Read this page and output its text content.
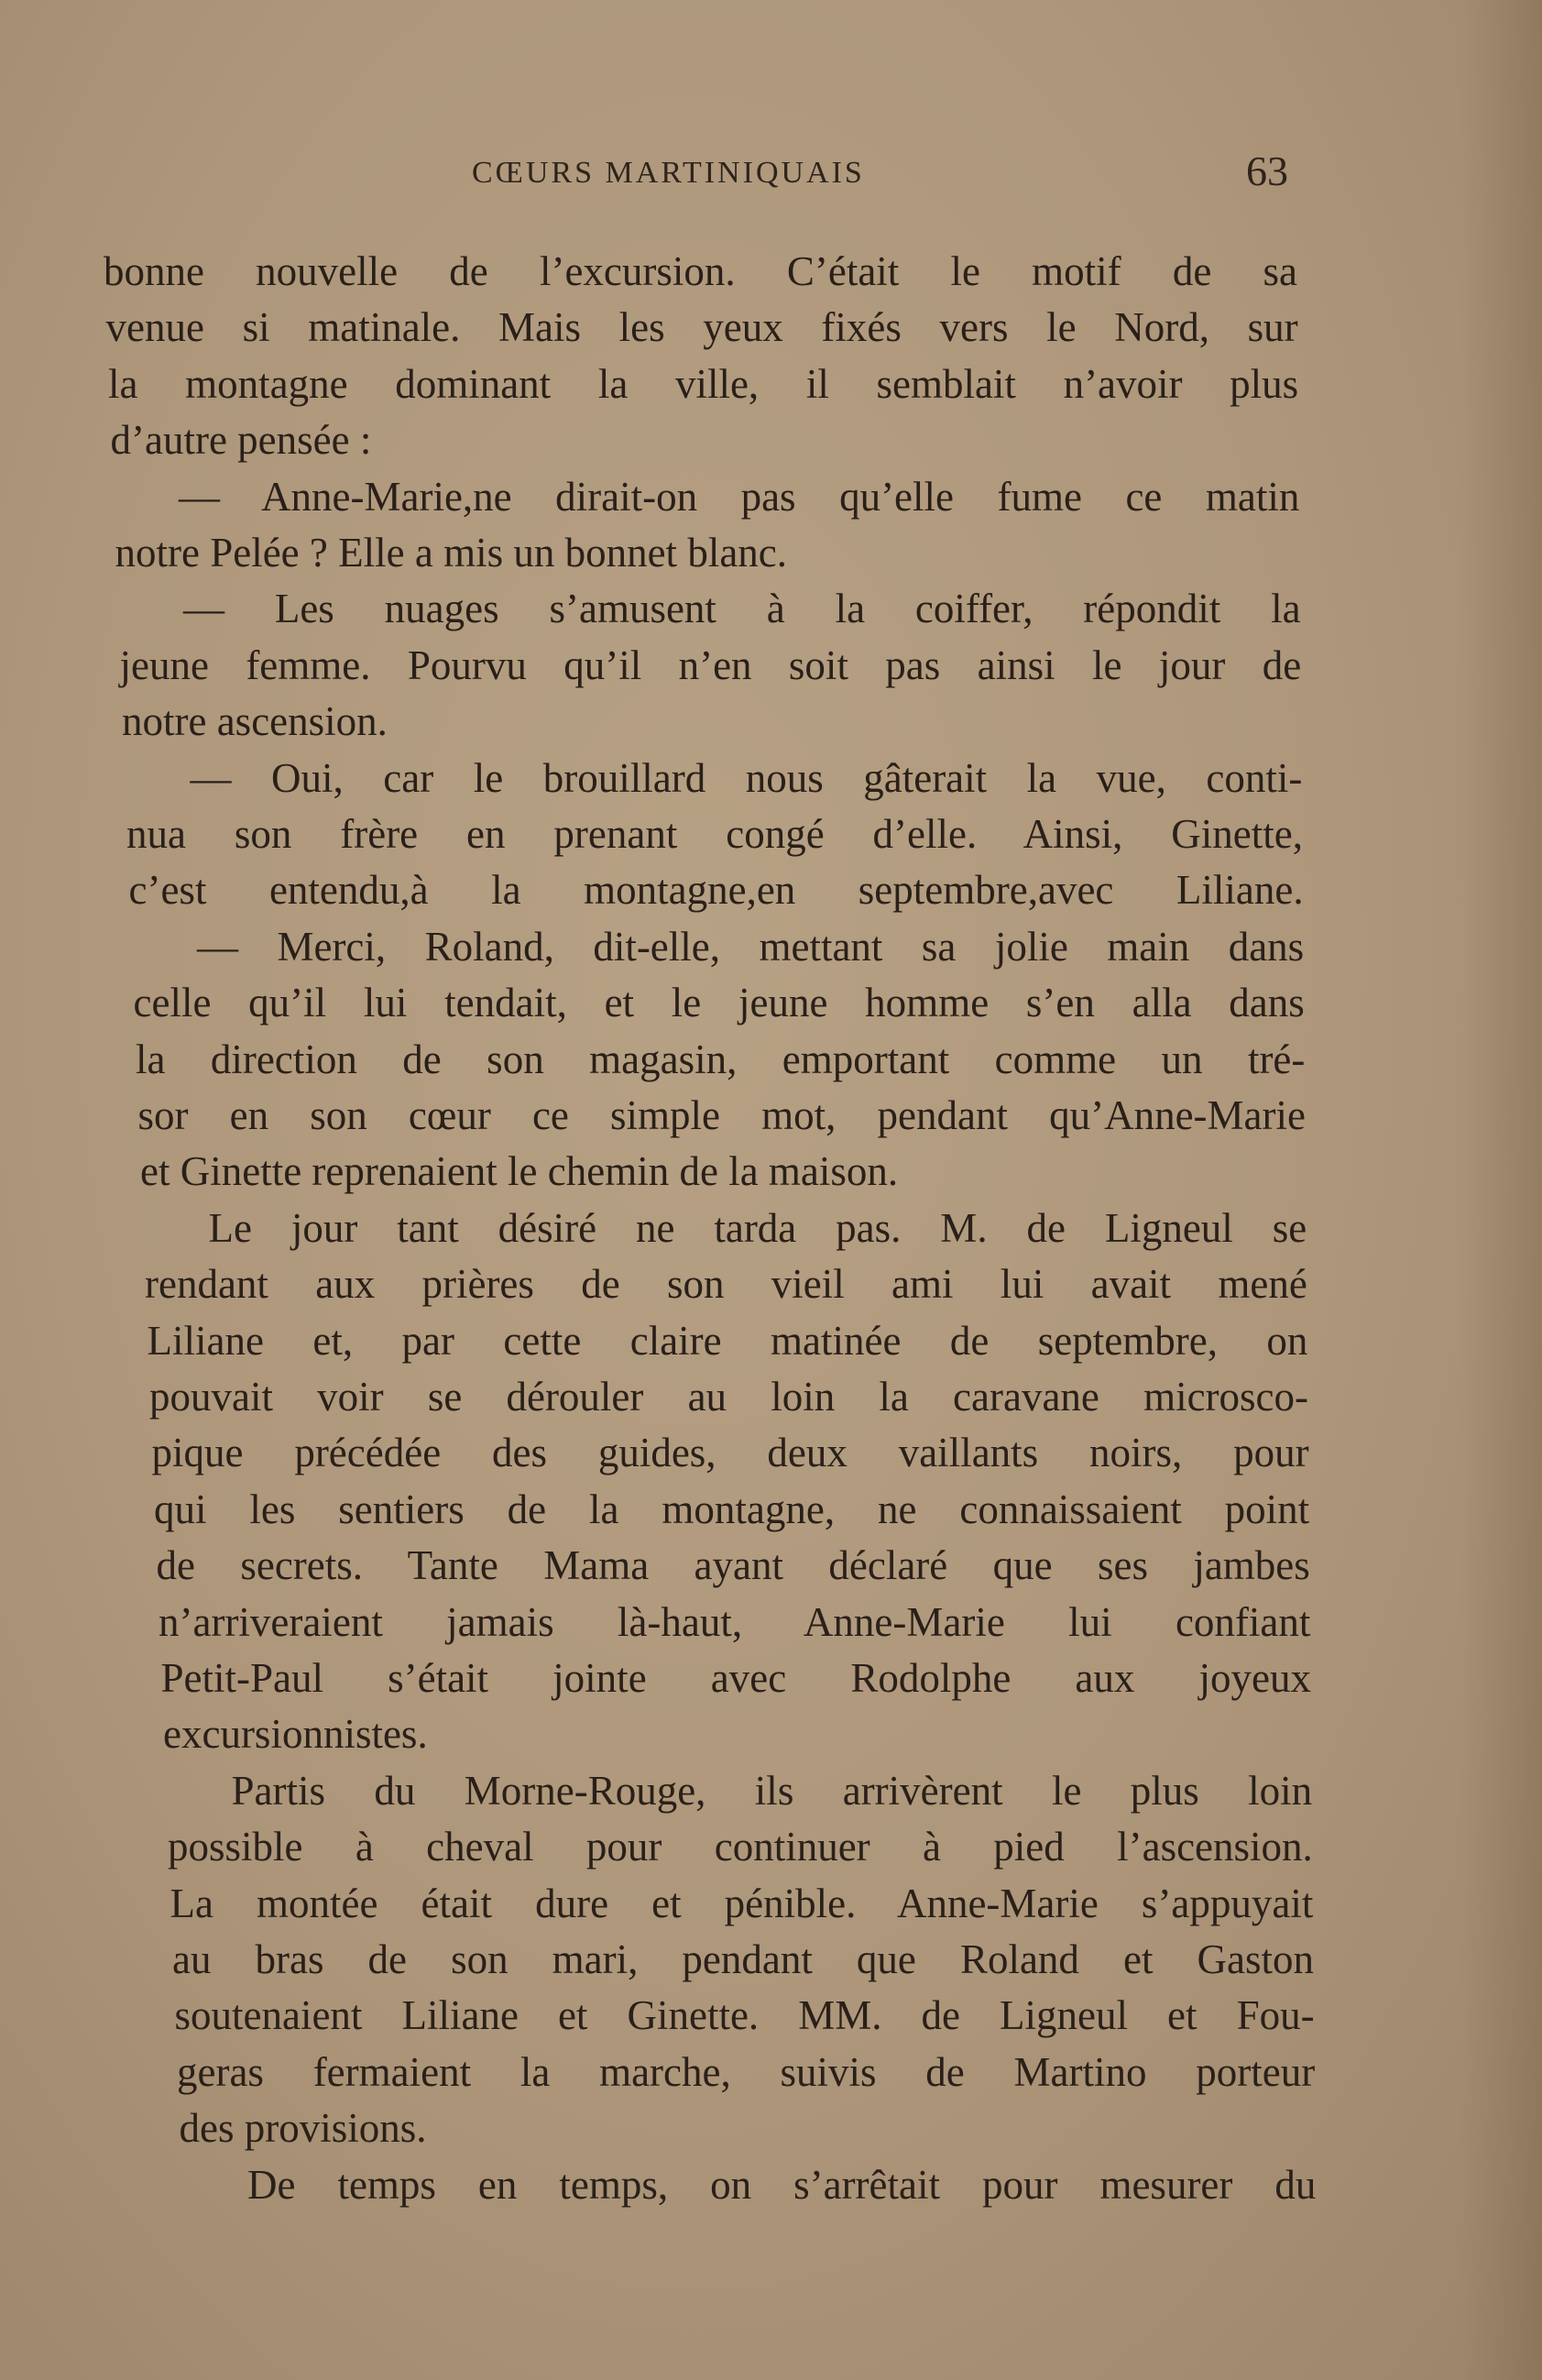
CŒURS MARTINIQUAIS	63
bonne nouvelle de l’excursion. C’était le motif de sa
venue si matinale. Mais les yeux fixés vers le Nord, sur
la montagne dominant la ville, il semblait n’avoir plus
d’autre pensée :
— Anne-Marie,ne dirait-on pas qu’elle fume ce matin
notre Pelée ? Elle a mis un bonnet blanc.
— Les nuages s’amusent à la coiffer, répondit la
jeune femme. Pourvu qu’il n’en soit pas ainsi le jour de
notre ascension.
— Oui, car le brouillard nous gâterait la vue, conti-
nua son frère en prenant congé d’elle. Ainsi, Ginette,
c’est entendu,à la montagne,en septembre,avec Liliane.
— Merci, Roland, dit-elle, mettant sa jolie main dans
celle qu’il lui tendait, et le jeune homme s’en alla dans
la direction de son magasin, emportant comme un tré-
sor en son cœur ce simple mot, pendant qu’Anne-Marie
et Ginette reprenaient le chemin de la maison.
Le jour tant désiré ne tarda pas. M. de Ligneul se
rendant aux prières de son vieil ami lui avait mené
Liliane et, par cette claire matinée de septembre, on
pouvait voir se dérouler au loin la caravane microsco-
pique précédée des guides, deux vaillants noirs, pour
qui les sentiers de la montagne, ne connaissaient point
de secrets. Tante Mama ayant déclaré que ses jambes
n’arriveraient jamais là-haut, Anne-Marie lui confiant
Petit-Paul s’était jointe avec Rodolphe aux joyeux
excursionnistes.
Partis du Morne-Rouge, ils arrivèrent le plus loin
possible à cheval pour continuer à pied l’ascension.
La montée était dure et pénible. Anne-Marie s’appuyait
au bras de son mari, pendant que Roland et Gaston
soutenaient Liliane et Ginette. MM. de Ligneul et Fou-
geras fermaient la marche, suivis de Martino porteur
des provisions.
De temps en temps, on s’arrêtait pour mesurer du
